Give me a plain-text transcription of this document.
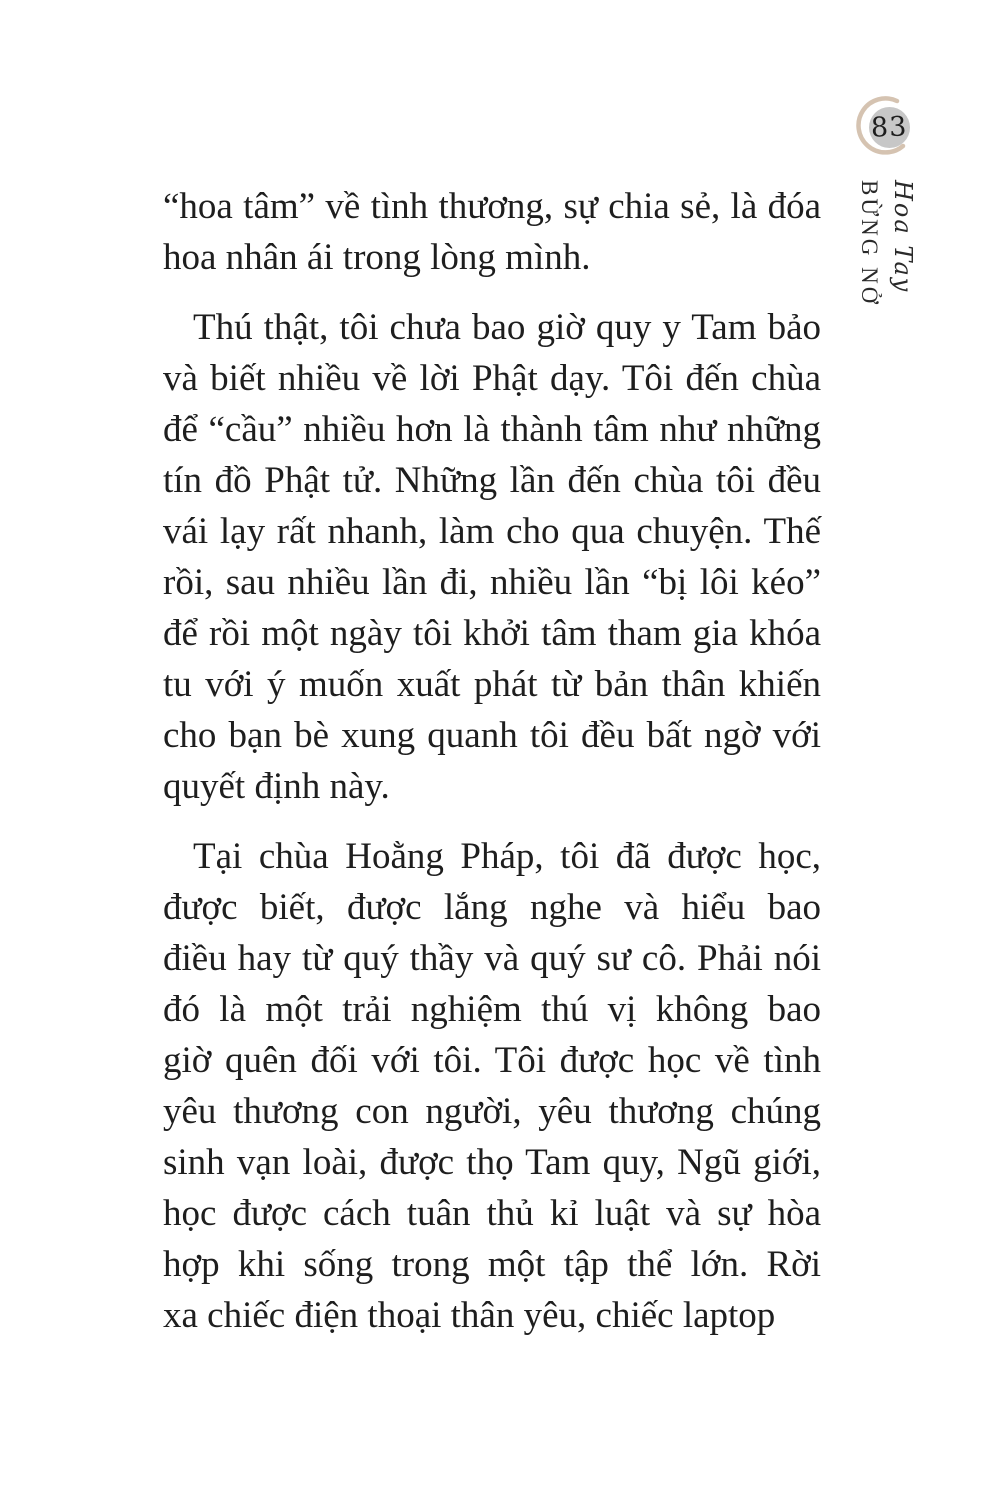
83
Hoa Tay
BỪNG NỞ
“hoa tâm” về tình thương, sự chia sẻ, là đóa
hoa nhân ái trong lòng mình.
Thú thật, tôi chưa bao giờ quy y Tam bảo
và biết nhiều về lời Phật dạy. Tôi đến chùa
để “cầu” nhiều hơn là thành tâm như những
tín đồ Phật tử. Những lần đến chùa tôi đều
vái lạy rất nhanh, làm cho qua chuyện. Thế
rồi, sau nhiều lần đi, nhiều lần “bị lôi kéo”
để rồi một ngày tôi khởi tâm tham gia khóa
tu với ý muốn xuất phát từ bản thân khiến
cho bạn bè xung quanh tôi đều bất ngờ với
quyết định này.
Tại chùa Hoằng Pháp, tôi đã được học,
được biết, được lắng nghe và hiểu bao
điều hay từ quý thầy và quý sư cô. Phải nói
đó là một trải nghiệm thú vị không bao
giờ quên đối với tôi. Tôi được học về tình
yêu thương con người, yêu thương chúng
sinh vạn loài, được thọ Tam quy, Ngũ giới,
học được cách tuân thủ kỉ luật và sự hòa
hợp khi sống trong một tập thể lớn. Rời
xa chiếc điện thoại thân yêu, chiếc laptop
